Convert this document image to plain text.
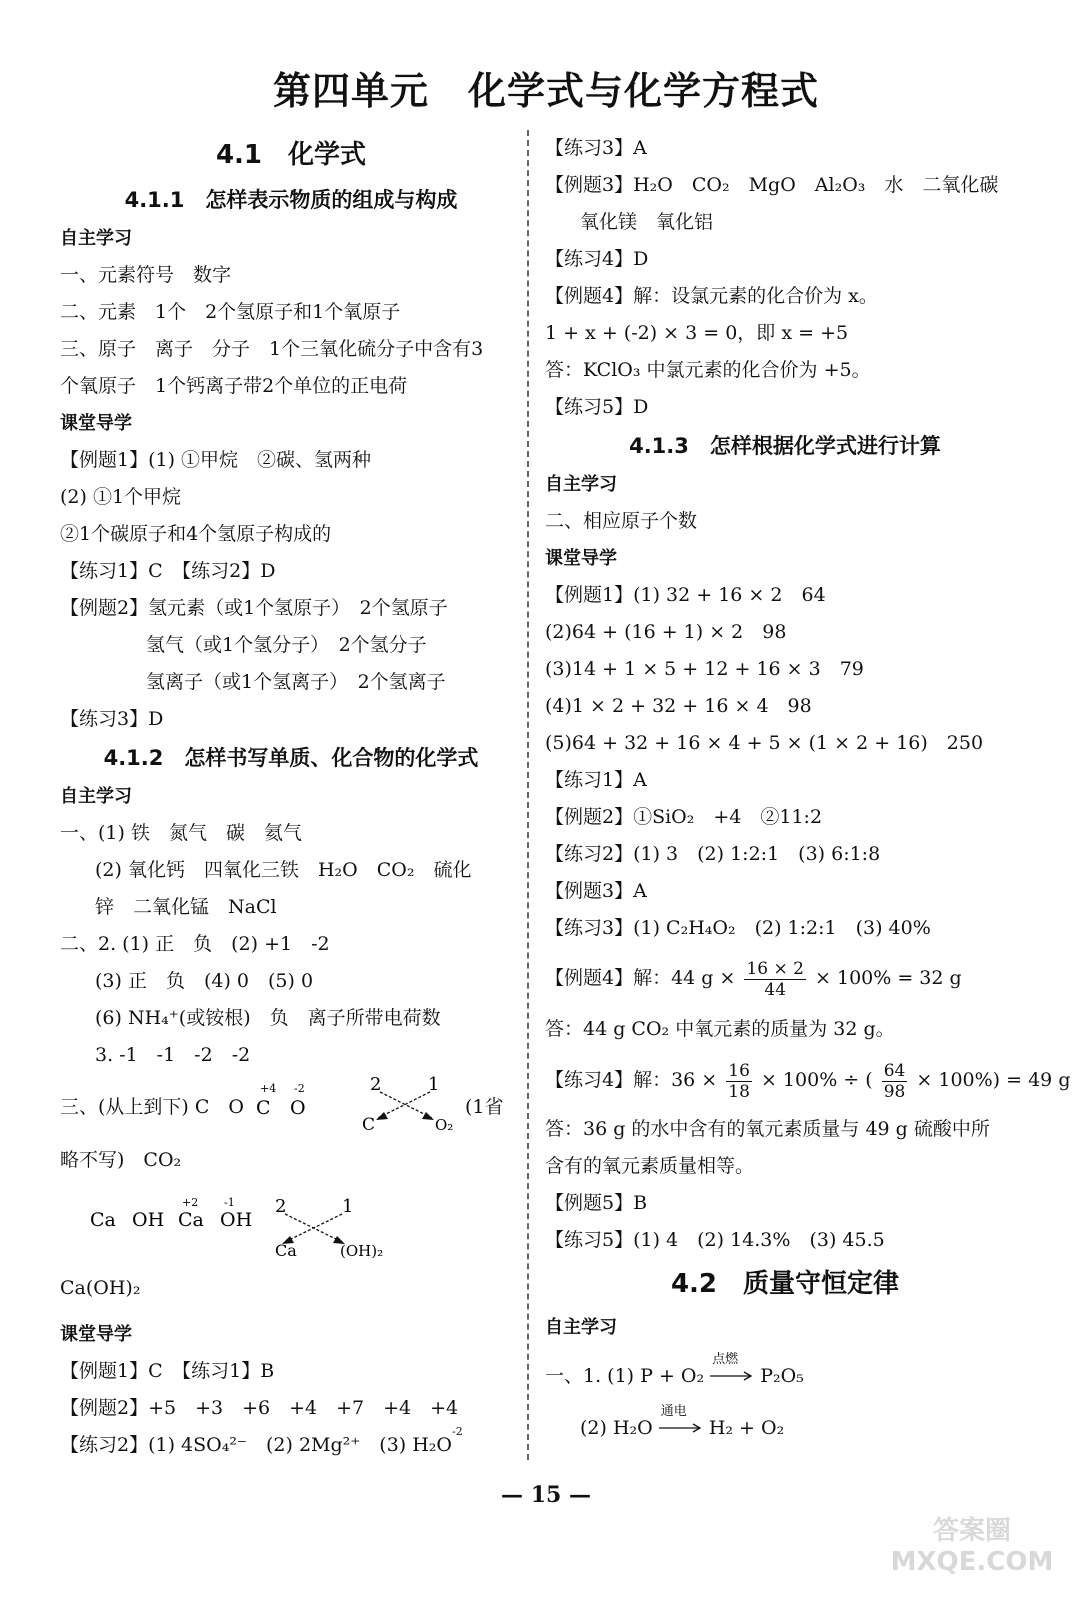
第四单元　化学式与化学方程式
4.1　化学式
4.1.1　怎样表示物质的组成与构成
自主学习
一、元素符号　数字
二、元素　1个　2个氢原子和1个氧原子
三、原子　离子　分子　1个三氧化硫分子中含有3
个氧原子　1个钙离子带2个单位的正电荷
课堂导学
【例题1】(1) ①甲烷　②碳、氢两种
(2) ①1个甲烷
②1个碳原子和4个氢原子构成的
【练习1】C　【练习2】D
【例题2】氢元素（或1个氢原子）　2个氢原子
氢气（或1个氢分子）　2个氢分子
氢离子（或1个氢离子）　2个氢离子
【练习3】D
4.1.2　怎样书写单质、化合物的化学式
自主学习
一、(1) 铁　氮气　碳　氦气
(2) 氧化钙　四氧化三铁　H₂O　CO₂　硫化
锌　二氧化锰　NaCl
二、2. (1) 正　负　(2) +1　-2
(3) 正　负　(4) 0　(5) 0
(6) NH₄⁺(或铵根)　负　离子所带电荷数
3. -1　-1　-2　-2
三、(从上到下) C　O
+4
C
-2
O
2	1
C	O₂
(1省
略不写)　CO₂
Ca OH
+2
Ca
-1
OH
2	1
Ca	(OH)₂
Ca(OH)₂
课堂导学
【例题1】C　【练习1】B
【例题2】+5　+3　+6　+4　+7　+4　+4
【练习2】(1) 4SO₄²⁻　(2) 2Mg²⁺　(3) H₂O
-2
【练习3】A
【例题3】H₂O　CO₂　MgO　Al₂O₃　水　二氧化碳
氧化镁　氧化铝
【练习4】D
【例题4】解：设氯元素的化合价为 x。
1 + x + (-2) × 3 = 0，即 x = +5
答：KClO₃ 中氯元素的化合价为 +5。
【练习5】D
4.1.3　怎样根据化学式进行计算
自主学习
二、相应原子个数
课堂导学
【例题1】(1) 32 + 16 × 2　64
(2)64 + (16 + 1) × 2　98
(3)14 + 1 × 5 + 12 + 16 × 3　79
(4)1 × 2 + 32 + 16 × 4　98
(5)64 + 32 + 16 × 4 + 5 × (1 × 2 + 16)　250
【练习1】A
【例题2】①SiO₂　+4　②11:2
【练习2】(1) 3　(2) 1:2:1　(3) 6:1:8
【例题3】A
【练习3】(1) C₂H₄O₂　(2) 1:2:1　(3) 40%
【例题4】解：44 $g \times \frac{16 \times 2}{44} \times 100\% = 32$ g
答：44 g CO₂ 中氧元素的质量为 32 g。
【练习4】解：$36 \times \frac{16}{18} \times 100\%$ ÷ ( $\frac{64}{98} \times 100\%) = 49$ g
答：36 g 的水中含有的氧元素质量与 49 g 硫酸中所
含有的氧元素质量相等。
【例题5】B
【练习5】(1) 4　(2) 14.3%　(3) 45.5
4.2　质量守恒定律
自主学习
一、1. (1) P + O₂
点燃
P₂O₅
(2) H₂O
通电
H₂ + O₂
— 15 —
答案圈 MXQE.COM
